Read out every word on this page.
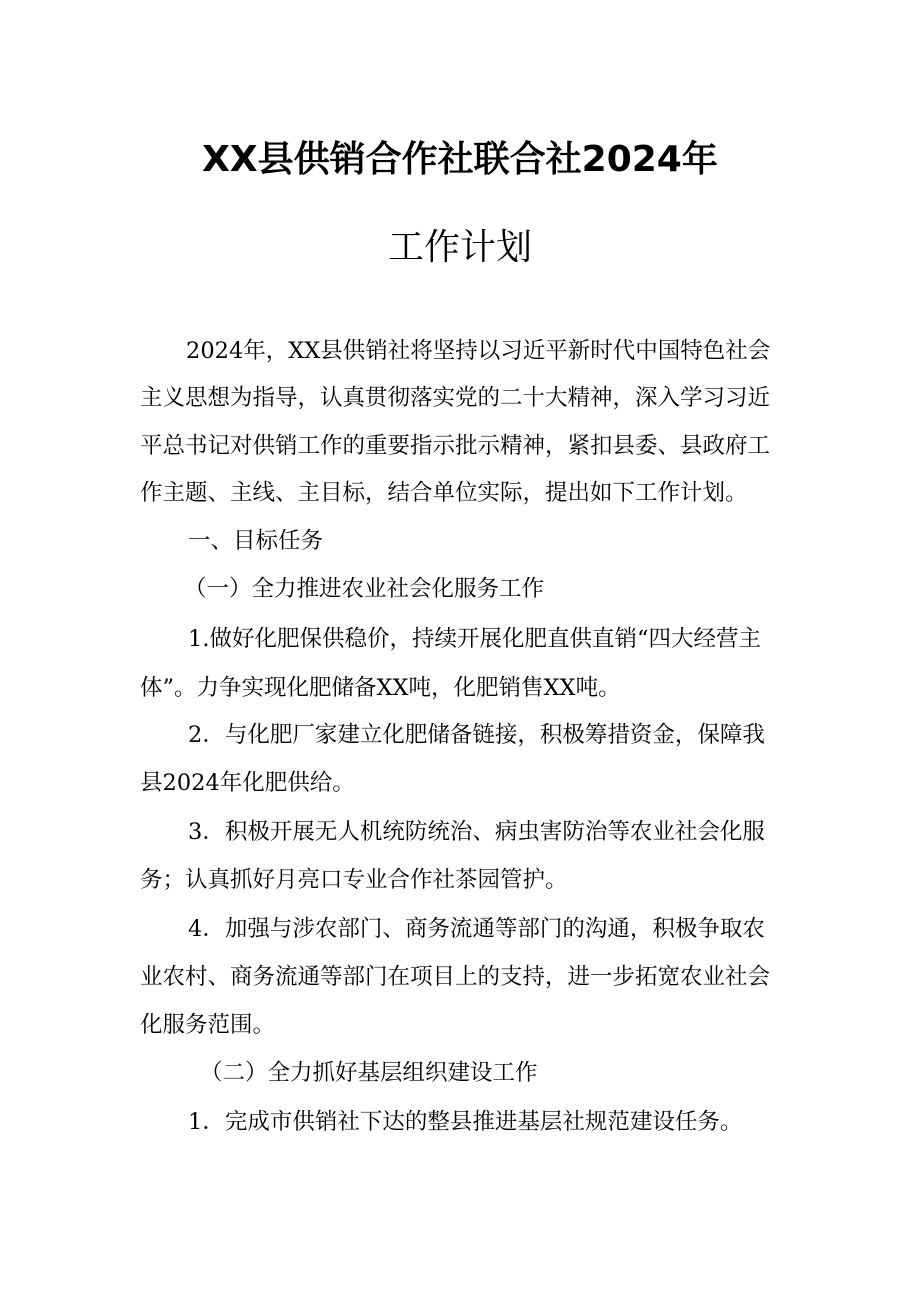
XX县供销合作社联合社2024年
工作计划
2024年，XX县供销社将坚持以习近平新时代中国特色社会
主义思想为指导，认真贯彻落实党的二十大精神，深入学习习近
平总书记对供销工作的重要指示批示精神，紧扣县委、县政府工
作主题、主线、主目标，结合单位实际，提出如下工作计划。
一、目标任务
（一）全力推进农业社会化服务工作
1.做好化肥保供稳价，持续开展化肥直供直销“四大经营主
体”。力争实现化肥储备XX吨，化肥销售XX吨。
2．与化肥厂家建立化肥储备链接，积极筹措资金，保障我
县2024年化肥供给。
3．积极开展无人机统防统治、病虫害防治等农业社会化服
务；认真抓好月亮口专业合作社茶园管护。
4．加强与涉农部门、商务流通等部门的沟通，积极争取农
业农村、商务流通等部门在项目上的支持，进一步拓宽农业社会
化服务范围。
（二）全力抓好基层组织建设工作
1．完成市供销社下达的整县推进基层社规范建设任务。
